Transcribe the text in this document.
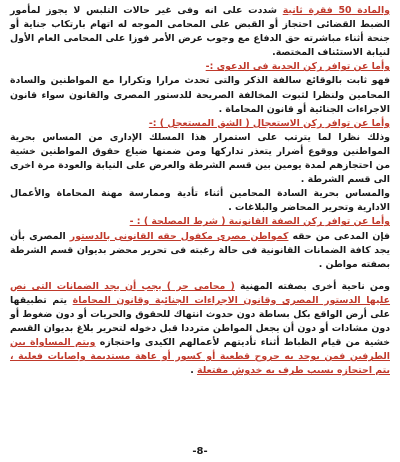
والمادة 50 فقرة ثانية شددت على انه وفى غير حالات التلبس لا يجوز لمأمور الضبط القضائى احتجاز أو القبض على المحامى الموجه له اتهام بارتكاب جناية أو جنحة أثناء مباشرته حق الدفاع مع وجوب عرض الأمر فوزا على المحامى العام الأول لنيابة الاستئناف المختصة.

وأما عن توافر ركن الجدية فى الدعوى :-

فهو ثابت بالوقائع سالفة الذكر والتى تحدث مرارا وتكرارا مع المواطنين والسادة المحامين ولنظرا لثبوت المخالفة الصريحة للدستور المصرى والقانون سواء قانون الاجراءات الجنائية أو قانون المحاماة .

وأما عن توافر ركن الاستعجال ( الشق المستعجل ) :-

وذلك نظرا لما يترتب على استمرار هذا المسلك الإدارى من المساس بحرية المواطنين ووقوع أضرار يتعذر تداركها ومن ضمنها ضياع حقوق المواطنين خشية من احتجازهم لمدة يومين بين قسم الشرطة والعرض على النيابة والعودة مرة اخرى الى قسم الشرطة .

والمساس بحرية السادة المحامين أثناء تأدية وممارسة مهنة المحاماة والأعمال الادارية وتحرير المحاضر والبلاغات .

وأما عن توافر ركن الصفة القانونية ( شرط المصلحة ) : -

فإن المدعى من حقه كمواطن مصرى مكفول حقه القانونى بالدستور المصرى بأن يجد كافة الضمانات القانونية فى حالة رغبته فى تحرير محضر بديوان قسم الشرطة بصفته مواطن .

ومن ناحية أخرى بصفته المهنية ( محامى حر ) يجب أن يجد الضمانات التى نص عليها الدستور المصرى وقانون الاجراءات الجنائية وقانون المحاماة يتم تطبيقها على أرض الواقع بكل بساطة دون حدوث انتهاك للحقوق والحريات أو دون ضغوط أو دون مشادات أو دون أن يجعل المواطن مترددا قبل دخوله لتحرير بلاغ بديوان القسم خشية من قيام الظباط أثناء تأديتهم لأعمالهم الكيدى واحتجازه وبتم المساواة بين الطرفين فمن يوجد به جروح قطعية أو كسور أو عاهة مستديمة واصابات فعلية ، يتم احتجازه بسبب طرف به خدوش مفتعلة .

-8-
